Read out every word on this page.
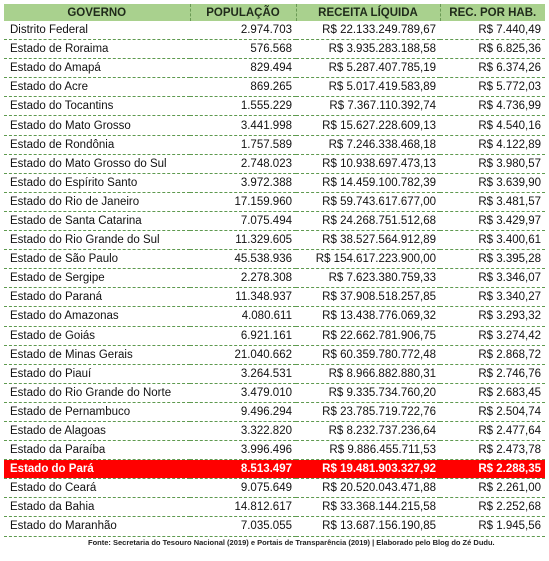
GOVERNO	POPULAÇÃO	RECEITA LÍQUIDA	REC. POR HAB.
Distrito Federal	2.974.703	R$ 22.133.249.789,67	R$ 7.440,49
Estado de Roraima	576.568	R$ 3.935.283.188,58	R$ 6.825,36
Estado do Amapá	829.494	R$ 5.287.407.785,19	R$ 6.374,26
Estado do Acre	869.265	R$ 5.017.419.583,89	R$ 5.772,03
Estado do Tocantins	1.555.229	R$ 7.367.110.392,74	R$ 4.736,99
Estado do Mato Grosso	3.441.998	R$ 15.627.228.609,13	R$ 4.540,16
Estado de Rondônia	1.757.589	R$ 7.246.338.468,18	R$ 4.122,89
Estado do Mato Grosso do Sul	2.748.023	R$ 10.938.697.473,13	R$ 3.980,57
Estado do Espírito Santo	3.972.388	R$ 14.459.100.782,39	R$ 3.639,90
Estado do Rio de Janeiro	17.159.960	R$ 59.743.617.677,00	R$ 3.481,57
Estado de Santa Catarina	7.075.494	R$ 24.268.751.512,68	R$ 3.429,97
Estado do Rio Grande do Sul	11.329.605	R$ 38.527.564.912,89	R$ 3.400,61
Estado de São Paulo	45.538.936	R$ 154.617.223.900,00	R$ 3.395,28
Estado de Sergipe	2.278.308	R$ 7.623.380.759,33	R$ 3.346,07
Estado do Paraná	11.348.937	R$ 37.908.518.257,85	R$ 3.340,27
Estado do Amazonas	4.080.611	R$ 13.438.776.069,32	R$ 3.293,32
Estado de Goiás	6.921.161	R$ 22.662.781.906,75	R$ 3.274,42
Estado de Minas Gerais	21.040.662	R$ 60.359.780.772,48	R$ 2.868,72
Estado do Piauí	3.264.531	R$ 8.966.882.880,31	R$ 2.746,76
Estado do Rio Grande do Norte	3.479.010	R$ 9.335.734.760,20	R$ 2.683,45
Estado de Pernambuco	9.496.294	R$ 23.785.719.722,76	R$ 2.504,74
Estado de Alagoas	3.322.820	R$ 8.232.737.236,64	R$ 2.477,64
Estado da Paraíba	3.996.496	R$ 9.886.455.711,53	R$ 2.473,78
Estado do Pará	8.513.497	R$ 19.481.903.327,92	R$ 2.288,35
Estado do Ceará	9.075.649	R$ 20.520.043.471,88	R$ 2.261,00
Estado da Bahia	14.812.617	R$ 33.368.144.215,58	R$ 2.252,68
Estado do Maranhão	7.035.055	R$ 13.687.156.190,85	R$ 1.945,56
Fonte: Secretaria do Tesouro Nacional (2019) e Portais de Transparência (2019) | Elaborado pelo Blog do Zé Dudu.
